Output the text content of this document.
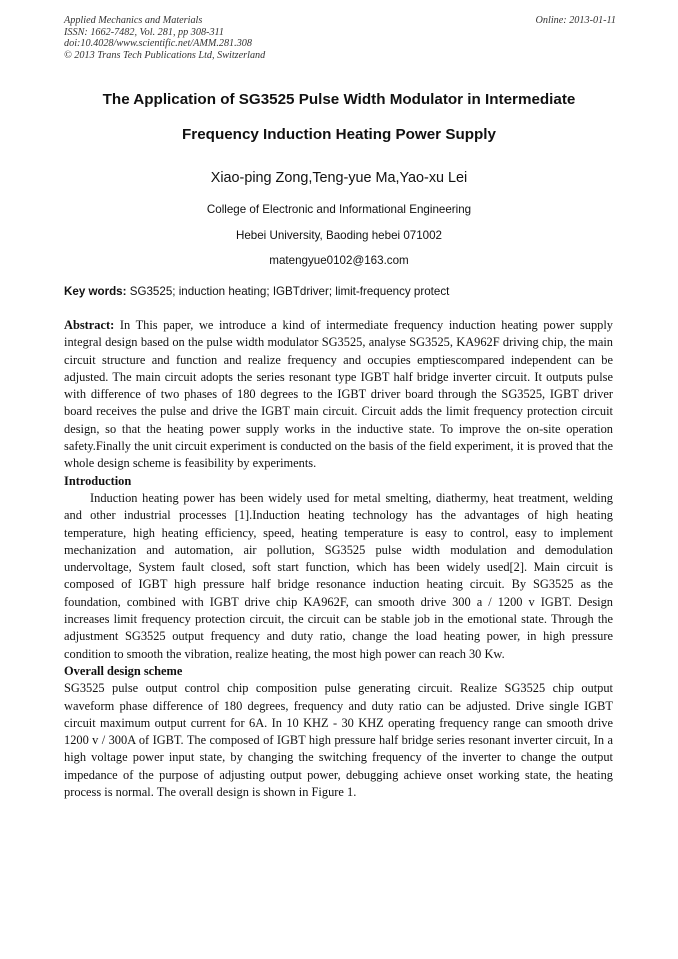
Applied Mechanics and Materials
ISSN: 1662-7482, Vol. 281, pp 308-311
doi:10.4028/www.scientific.net/AMM.281.308
© 2013 Trans Tech Publications Ltd, Switzerland
Online: 2013-01-11
The Application of SG3525 Pulse Width Modulator in Intermediate
Frequency Induction Heating Power Supply
Xiao-ping Zong,Teng-yue Ma,Yao-xu Lei
College of Electronic and Informational Engineering
Hebei University, Baoding hebei 071002
matengyue0102@163.com
Key words: SG3525; induction heating; IGBTdriver; limit-frequency protect

Abstract: In This paper, we introduce a kind of intermediate frequency induction heating power supply integral design based on the pulse width modulator SG3525, analyse SG3525, KA962F driving chip, the main circuit structure and function and realize frequency and occupies emptiescompared independent can be adjusted. The main circuit adopts the series resonant type IGBT half bridge inverter circuit. It outputs pulse with difference of two phases of 180 degrees to the IGBT driver board through the SG3525, IGBT driver board receives the pulse and drive the IGBT main circuit. Circuit adds the limit frequency protection circuit design, so that the heating power supply works in the inductive state. To improve the on-site operation safety.Finally the unit circuit experiment is conducted on the basis of the field experiment, it is proved that the whole design scheme is feasibility by experiments.

Introduction

Induction heating power has been widely used for metal smelting, diathermy, heat treatment, welding and other industrial processes [1].Induction heating technology has the advantages of high heating temperature, high heating efficiency, speed, heating temperature is easy to control, easy to implement mechanization and automation, air pollution, SG3525 pulse width modulation and demodulation undervoltage, System fault closed, soft start function, which has been widely used[2]. Main circuit is composed of IGBT high pressure half bridge resonance induction heating circuit. By SG3525 as the foundation, combined with IGBT drive chip KA962F, can smooth drive 300 a / 1200 v IGBT. Design increases limit frequency protection circuit, the circuit can be stable job in the emotional state. Through the adjustment SG3525 output frequency and duty ratio, change the load heating power, in high pressure condition to smooth the vibration, realize heating, the most high power can reach 30 Kw.

Overall design scheme

SG3525 pulse output control chip composition pulse generating circuit. Realize SG3525 chip output waveform phase difference of 180 degrees, frequency and duty ratio can be adjusted. Drive single IGBT circuit maximum output current for 6A. In 10 KHZ - 30 KHZ operating frequency range can smooth drive 1200 v / 300A of IGBT. The composed of IGBT high pressure half bridge series resonant inverter circuit, In a high voltage power input state, by changing the switching frequency of the inverter to change the output impedance of the purpose of adjusting output power, debugging achieve onset working state, the heating process is normal. The overall design is shown in Figure 1.
